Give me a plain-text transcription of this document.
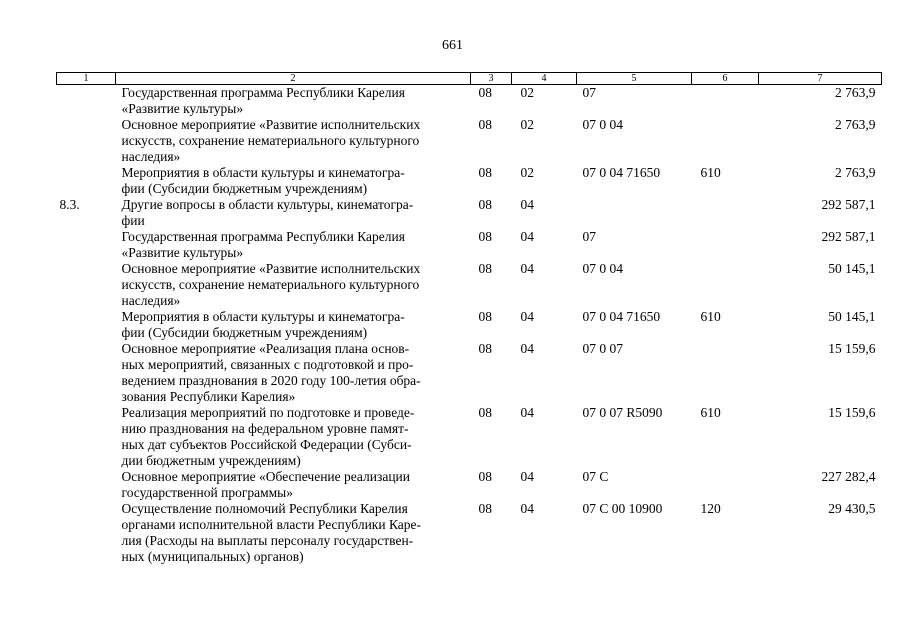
661
1	2	3	4	5	6	7
	Государственная программа Республики Карелия
«Развитие культуры»	08	02	07		2 763,9
	Основное мероприятие «Развитие исполнительских
искусств, сохранение нематериального культурного
наследия»	08	02	07 0 04		2 763,9
	Мероприятия в области культуры и кинематогра-
фии (Субсидии бюджетным учреждениям)	08	02	07 0 04 71650	610	2 763,9
8.3.	Другие вопросы в области культуры, кинематогра-
фии	08	04			292 587,1
	Государственная программа Республики Карелия
«Развитие культуры»	08	04	07		292 587,1
	Основное мероприятие «Развитие исполнительских
искусств, сохранение нематериального культурного
наследия»	08	04	07 0 04		50 145,1
	Мероприятия в области культуры и кинематогра-
фии (Субсидии бюджетным учреждениям)	08	04	07 0 04 71650	610	50 145,1
	Основное мероприятие «Реализация плана основ-
ных мероприятий, связанных с подготовкой и про-
ведением празднования в 2020 году 100-летия обра-
зования Республики Карелия»	08	04	07 0 07		15 159,6
	Реализация мероприятий по подготовке и проведе-
нию празднования на федеральном уровне памят-
ных дат субъектов Российской Федерации (Субси-
дии бюджетным учреждениям)	08	04	07 0 07 R5090	610	15 159,6
	Основное мероприятие «Обеспечение реализации
государственной программы»	08	04	07 С		227 282,4
	Осуществление полномочий Республики Карелия
органами исполнительной власти Республики Каре-
лия (Расходы на выплаты персоналу государствен-
ных (муниципальных) органов)	08	04	07 С 00 10900	120	29 430,5
